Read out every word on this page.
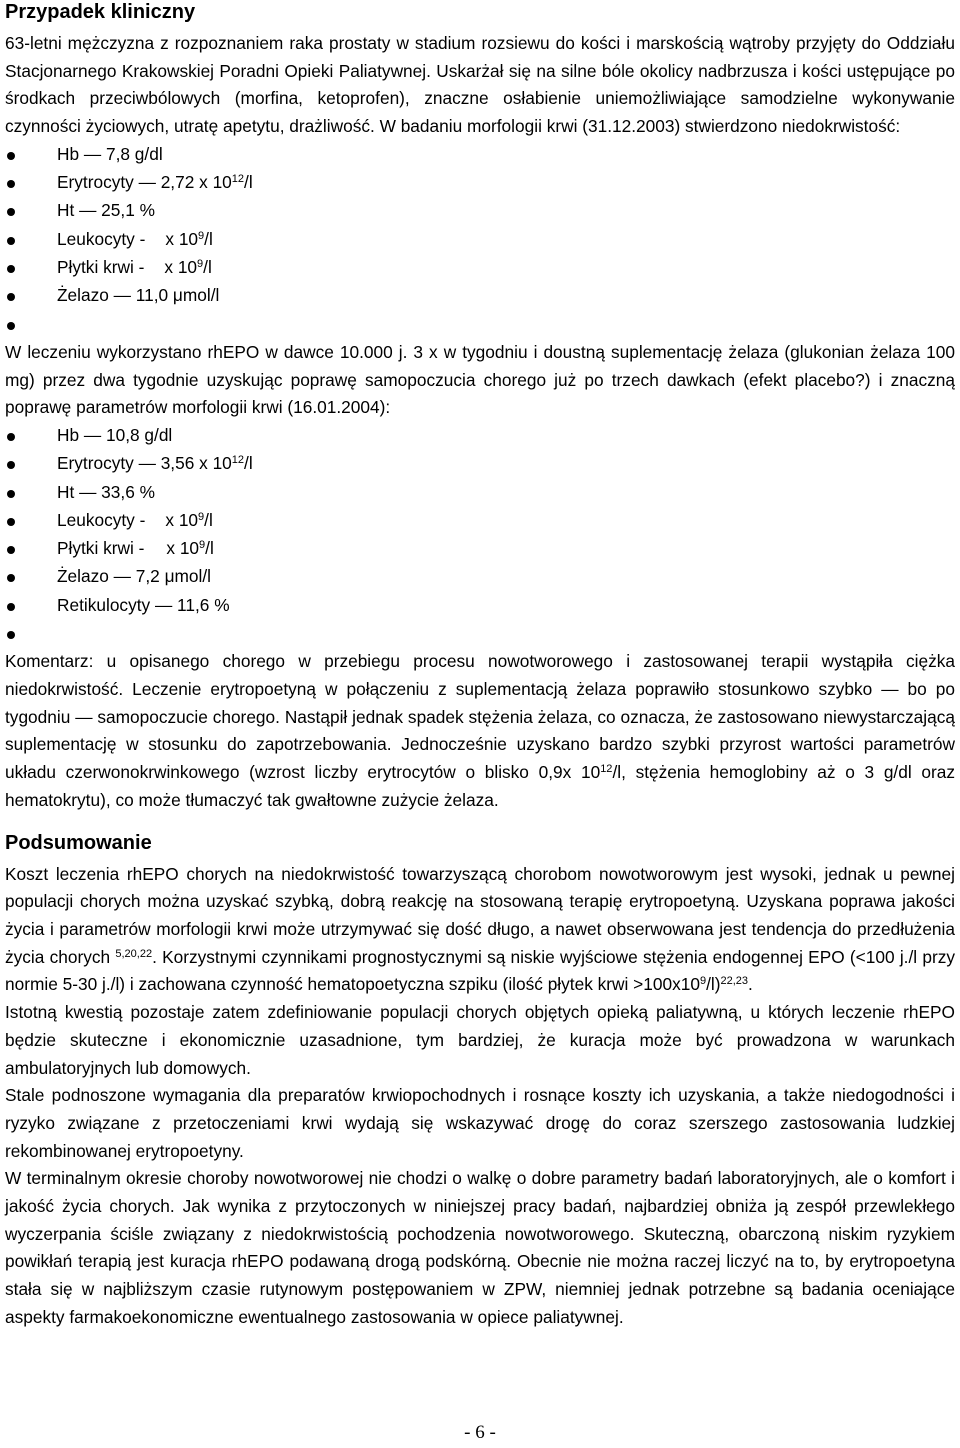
Przypadek kliniczny

63-letni mężczyzna z rozpoznaniem raka prostaty w stadium rozsiewu do kości i marskością wątroby przyjęty do Oddziału Stacjonarnego Krakowskiej Poradni Opieki Paliatywnej. Uskarżał się na silne bóle okolicy nadbrzusza i kości ustępujące po środkach przeciwbólowych (morfina, ketoprofen), znaczne osłabienie uniemożliwiające samodzielne wykonywanie czynności życiowych, utratę apetytu, drażliwość. W badaniu morfologii krwi (31.12.2003) stwierdzono niedokrwistość:

Hb — 7,8 g/dl
Erytrocyty — 2,72 x $10^{12}/l$
Ht — 25,1 %
Leukocyty - x $10^9/l$
Płytki krwi - x $10^9/l$
Żelazo — 11,0 μmol/l

W leczeniu wykorzystano rhEPO w dawce 10.000 j. 3 x w tygodniu i doustną suplementację żelaza (glukonian żelaza 100 mg) przez dwa tygodnie uzyskując poprawę samopoczucia chorego już po trzech dawkach (efekt placebo?) i znaczną poprawę parametrów morfologii krwi (16.01.2004):

Hb — 10,8 g/dl
Erytrocyty — 3,56 x $10^{12}/l$
Ht — 33,6 %
Leukocyty - x $10^9/l$
Płytki krwi - x $10^9/l$
Żelazo — 7,2 μmol/l
Retikulocyty — 11,6 %

Komentarz: u opisanego chorego w przebiegu procesu nowotworowego i zastosowanej terapii wystąpiła ciężka niedokrwistość. Leczenie erytropoetyną w połączeniu z suplementacją żelaza poprawiło stosunkowo szybko — bo po tygodniu — samopoczucie chorego. Nastąpił jednak spadek stężenia żelaza, co oznacza, że zastosowano niewystarczającą suplementację w stosunku do zapotrzebowania. Jednocześnie uzyskano bardzo szybki przyrost wartości parametrów układu czerwonokrwinkowego (wzrost liczby erytrocytów o blisko 0,9x $10^{12}/l$, stężenia hemoglobiny aż o 3 g/dl oraz hematokrytu), co może tłumaczyć tak gwałtowne zużycie żelaza.

Podsumowanie

Koszt leczenia rhEPO chorych na niedokrwistość towarzyszącą chorobom nowotworowym jest wysoki, jednak u pewnej populacji chorych można uzyskać szybką, dobrą reakcję na stosowaną terapię erytropoetyną. Uzyskana poprawa jakości życia i parametrów morfologii krwi może utrzymywać się dość długo, a nawet obserwowana jest tendencja do przedłużenia życia chorych $^{5,20,22}$. Korzystnymi czynnikami prognostycznymi są niskie wyjściowe stężenia endogennej EPO (<100 j./l przy normie 5-30 j./l) i zachowana czynność hematopoetyczna szpiku (ilość płytek krwi $>100x10^9/l)^{22,23}$.

Istotną kwestią pozostaje zatem zdefiniowanie populacji chorych objętych opieką paliatywną, u których leczenie rhEPO będzie skuteczne i ekonomicznie uzasadnione, tym bardziej, że kuracja może być prowadzona w warunkach ambulatoryjnych lub domowych.

Stale podnoszone wymagania dla preparatów krwiopochodnych i rosnące koszty ich uzyskania, a także niedogodności i ryzyko związane z przetoczeniami krwi wydają się wskazywać drogę do coraz szerszego zastosowania ludzkiej rekombinowanej erytropoetyny.

W terminalnym okresie choroby nowotworowej nie chodzi o walkę o dobre parametry badań laboratoryjnych, ale o komfort i jakość życia chorych. Jak wynika z przytoczonych w niniejszej pracy badań, najbardziej obniża ją zespół przewlekłego wyczerpania ściśle związany z niedokrwistością pochodzenia nowotworowego. Skuteczną, obarczoną niskim ryzykiem powikłań terapią jest kuracja rhEPO podawaną drogą podskórną. Obecnie nie można raczej liczyć na to, by erytropoetyna stała się w najbliższym czasie rutynowym postępowaniem w ZPW, niemniej jednak potrzebne są badania oceniające aspekty farmakoekonomiczne ewentualnego zastosowania w opiece paliatywnej.

- 6 -
